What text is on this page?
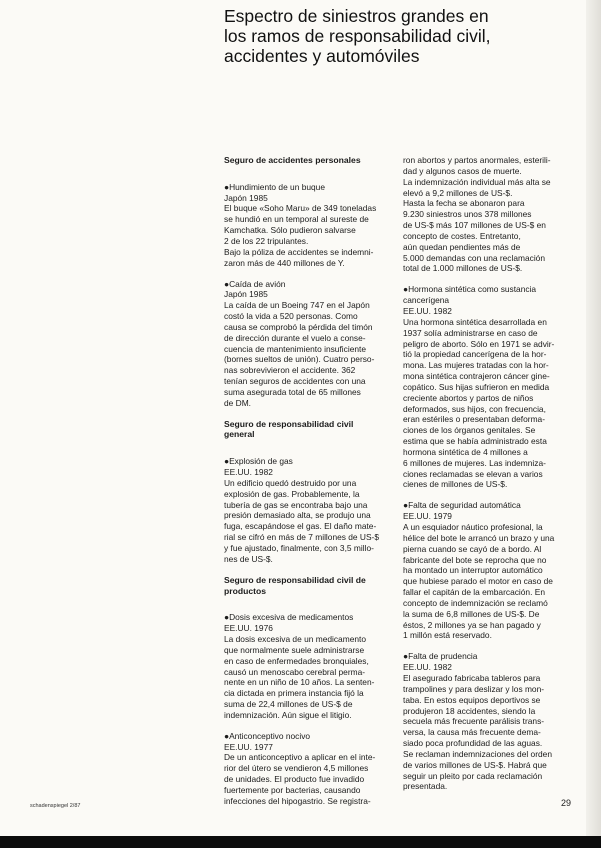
Espectro de siniestros grandes en
los ramos de responsabilidad civil,
accidentes y automóviles
Seguro de accidentes personales
●Hundimiento de un buque
Japón 1985
El buque «Soho Maru» de 349 toneladas
se hundió en un temporal al sureste de
Kamchatka. Sólo pudieron salvarse
2 de los 22 tripulantes.
Bajo la póliza de accidentes se indemni-
zaron más de 440 millones de Y.
●Caída de avión
Japón 1985
La caída de un Boeing 747 en el Japón
costó la vida a 520 personas. Como
causa se comprobó la pérdida del timón
de dirección durante el vuelo a conse-
cuencia de mantenimiento insuficiente
(bornes sueltos de unión). Cuatro perso-
nas sobrevivieron el accidente. 362
tenían seguros de accidentes con una
suma asegurada total de 65 millones
de DM.
Seguro de responsabilidad civil
general
●Explosión de gas
EE.UU. 1982
Un edificio quedó destruido por una
explosión de gas. Probablemente, la
tubería de gas se encontraba bajo una
presión demasiado alta, se produjo una
fuga, escapándose el gas. El daño mate-
rial se cifró en más de 7 millones de US-$
y fue ajustado, finalmente, con 3,5 millo-
nes de US-$.
Seguro de responsabilidad civil de
productos
●Dosis excesiva de medicamentos
EE.UU. 1976
La dosis excesiva de un medicamento
que normalmente suele administrarse
en caso de enfermedades bronquiales,
causó un menoscabo cerebral perma-
nente en un niño de 10 años. La senten-
cia dictada en primera instancia fijó la
suma de 22,4 millones de US-$ de
indemnización. Aún sigue el litigio.
●Anticonceptivo nocivo
EE.UU. 1977
De un anticonceptivo a aplicar en el inte-
rior del útero se vendieron 4,5 millones
de unidades. El producto fue invadido
fuertemente por bacterias, causando
infecciones del hipogastrio. Se registra-
ron abortos y partos anormales, esterili-
dad y algunos casos de muerte.
La indemnización individual más alta se
elevó a 9,2 millones de US-$.
Hasta la fecha se abonaron para
9.230 siniestros unos 378 millones
de US-$ más 107 millones de US-$ en
concepto de costes. Entretanto,
aún quedan pendientes más de
5.000 demandas con una reclamación
total de 1.000 millones de US-$.
●Hormona sintética como sustancia
cancerígena
EE.UU. 1982
Una hormona sintética desarrollada en
1937 solía administrarse en caso de
peligro de aborto. Sólo en 1971 se advir-
tió la propiedad cancerígena de la hor-
mona. Las mujeres tratadas con la hor-
mona sintética contrajeron cáncer gine-
copático. Sus hijas sufrieron en medida
creciente abortos y partos de niños
deformados, sus hijos, con frecuencia,
eran estériles o presentaban deforma-
ciones de los órganos genitales. Se
estima que se había administrado esta
hormona sintética de 4 millones a
6 millones de mujeres. Las indemniza-
ciones reclamadas se elevan a varios
cienes de millones de US-$.
●Falta de seguridad automática
EE.UU. 1979
A un esquiador náutico profesional, la
hélice del bote le arrancó un brazo y una
pierna cuando se cayó de a bordo. Al
fabricante del bote se reprocha que no
ha montado un interruptor automático
que hubiese parado el motor en caso de
fallar el capitán de la embarcación. En
concepto de indemnización se reclamó
la suma de 6,8 millones de US-$. De
éstos, 2 millones ya se han pagado y
1 millón está reservado.
●Falta de prudencia
EE.UU. 1982
El asegurado fabricaba tableros para
trampolines y para deslizar y los mon-
taba. En estos equipos deportivos se
produjeron 18 accidentes, siendo la
secuela más frecuente parálisis trans-
versa, la causa más frecuente dema-
siado poca profundidad de las aguas.
Se reclaman indemnizaciones del orden
de varios millones de US-$. Habrá que
seguir un pleito por cada reclamación
presentada.
schadenspiegel 2/87	29
